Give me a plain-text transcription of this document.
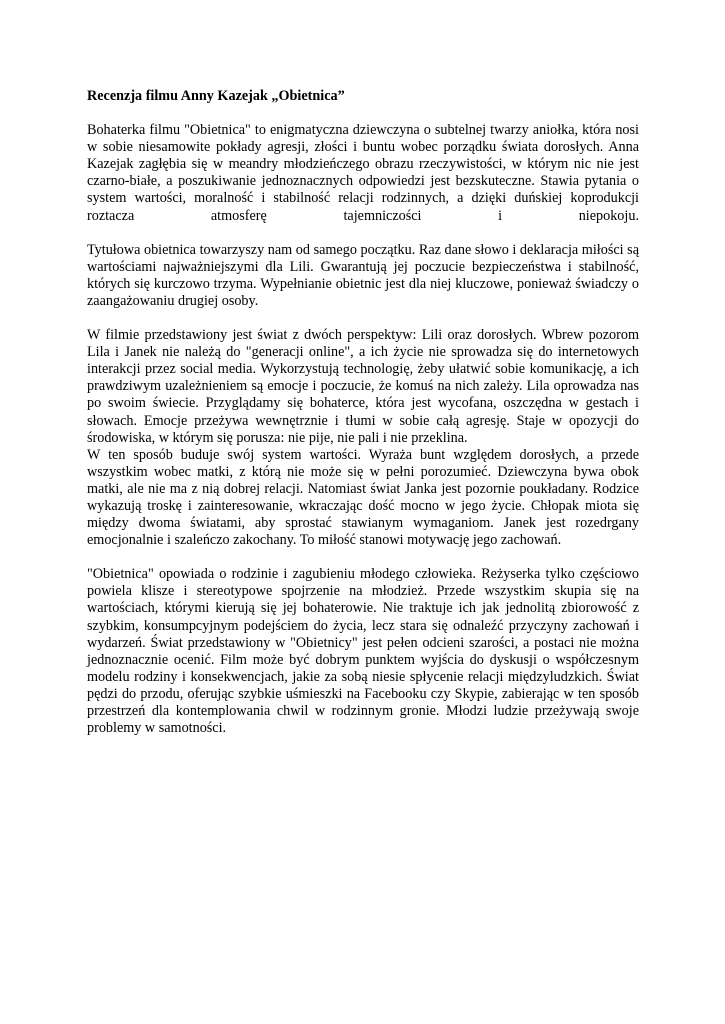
Recenzja filmu Anny Kazejak „Obietnica”

Bohaterka filmu "Obietnica" to enigmatyczna dziewczyna o subtelnej twarzy aniołka, która nosi w sobie niesamowite pokłady agresji, złości i buntu wobec porządku świata dorosłych. Anna Kazejak zagłębia się w meandry młodzieńczego obrazu rzeczywistości, w którym nic nie jest czarno-białe, a poszukiwanie jednoznacznych odpowiedzi jest bezskuteczne. Stawia pytania o system wartości, moralność i stabilność relacji rodzinnych, a dzięki duńskiej koprodukcji roztacza atmosferę tajemniczości i niepokoju.

Tytułowa obietnica towarzyszy nam od samego początku. Raz dane słowo i deklaracja miłości są wartościami najważniejszymi dla Lili. Gwarantują jej poczucie bezpieczeństwa i stabilność, których się kurczowo trzyma. Wypełnianie obietnic jest dla niej kluczowe, ponieważ świadczy o zaangażowaniu drugiej osoby.

W filmie przedstawiony jest świat z dwóch perspektyw: Lili oraz dorosłych. Wbrew pozorom Lila i Janek nie należą do "generacji online", a ich życie nie sprowadza się do internetowych interakcji przez social media. Wykorzystują technologię, żeby ułatwić sobie komunikację, a ich prawdziwym uzależnieniem są emocje i poczucie, że komuś na nich zależy. Lila oprowadza nas po swoim świecie. Przyglądamy się bohaterce, która jest wycofana, oszczędna w gestach i słowach. Emocje przeżywa wewnętrznie i tłumi w sobie całą agresję. Staje w opozycji do środowiska, w którym się porusza: nie pije, nie pali i nie przeklina.

W ten sposób buduje swój system wartości. Wyraża bunt względem dorosłych, a przede wszystkim wobec matki, z którą nie może się w pełni porozumieć. Dziewczyna bywa obok matki, ale nie ma z nią dobrej relacji. Natomiast świat Janka jest pozornie poukładany. Rodzice wykazują troskę i zainteresowanie, wkraczając dość mocno w jego życie. Chłopak miota się między dwoma światami, aby sprostać stawianym wymaganiom. Janek jest rozedrgany emocjonalnie i szaleńczo zakochany. To miłość stanowi motywację jego zachowań.

"Obietnica" opowiada o rodzinie i zagubieniu młodego człowieka. Reżyserka tylko częściowo powiela klisze i stereotypowe spojrzenie na młodzież. Przede wszystkim skupia się na wartościach, którymi kierują się jej bohaterowie. Nie traktuje ich jak jednolitą zbiorowość z szybkim, konsumpcyjnym podejściem do życia, lecz stara się odnaleźć przyczyny zachowań i wydarzeń. Świat przedstawiony w "Obietnicy" jest pełen odcieni szarości, a postaci nie można jednoznacznie ocenić. Film może być dobrym punktem wyjścia do dyskusji o współczesnym modelu rodziny i konsekwencjach, jakie za sobą niesie spłycenie relacji międzyludzkich. Świat pędzi do przodu, oferując szybkie uśmieszki na Facebooku czy Skypie, zabierając w ten sposób przestrzeń dla kontemplowania chwil w rodzinnym gronie. Młodzi ludzie przeżywają swoje problemy w samotności.
